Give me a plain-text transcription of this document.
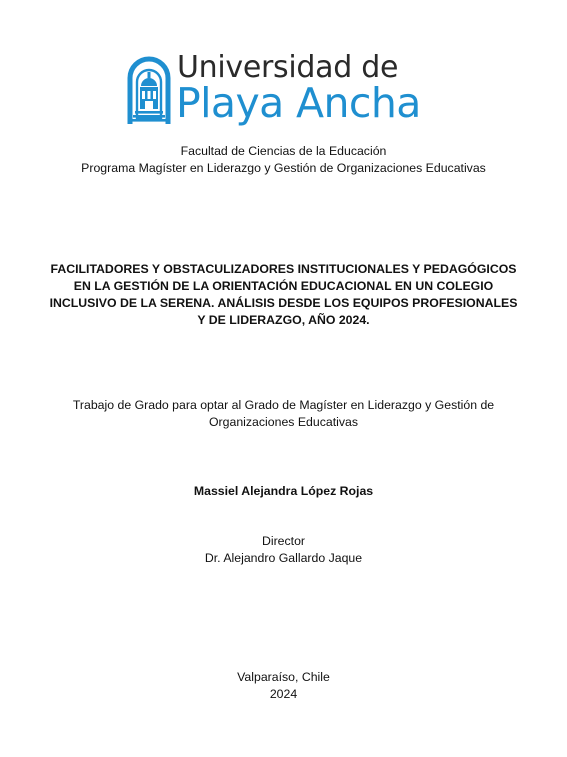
Universidad de
Playa Ancha
Facultad de Ciencias de la Educación
Programa Magíster en Liderazgo y Gestión de Organizaciones Educativas
FACILITADORES Y OBSTACULIZADORES INSTITUCIONALES Y PEDAGÓGICOS
EN LA GESTIÓN DE LA ORIENTACIÓN EDUCACIONAL EN UN COLEGIO
INCLUSIVO DE LA SERENA. ANÁLISIS DESDE LOS EQUIPOS PROFESIONALES
Y DE LIDERAZGO, AÑO 2024.
Trabajo de Grado para optar al Grado de Magíster en Liderazgo y Gestión de
Organizaciones Educativas
Massiel Alejandra López Rojas
Director
Dr. Alejandro Gallardo Jaque
Valparaíso, Chile
2024
